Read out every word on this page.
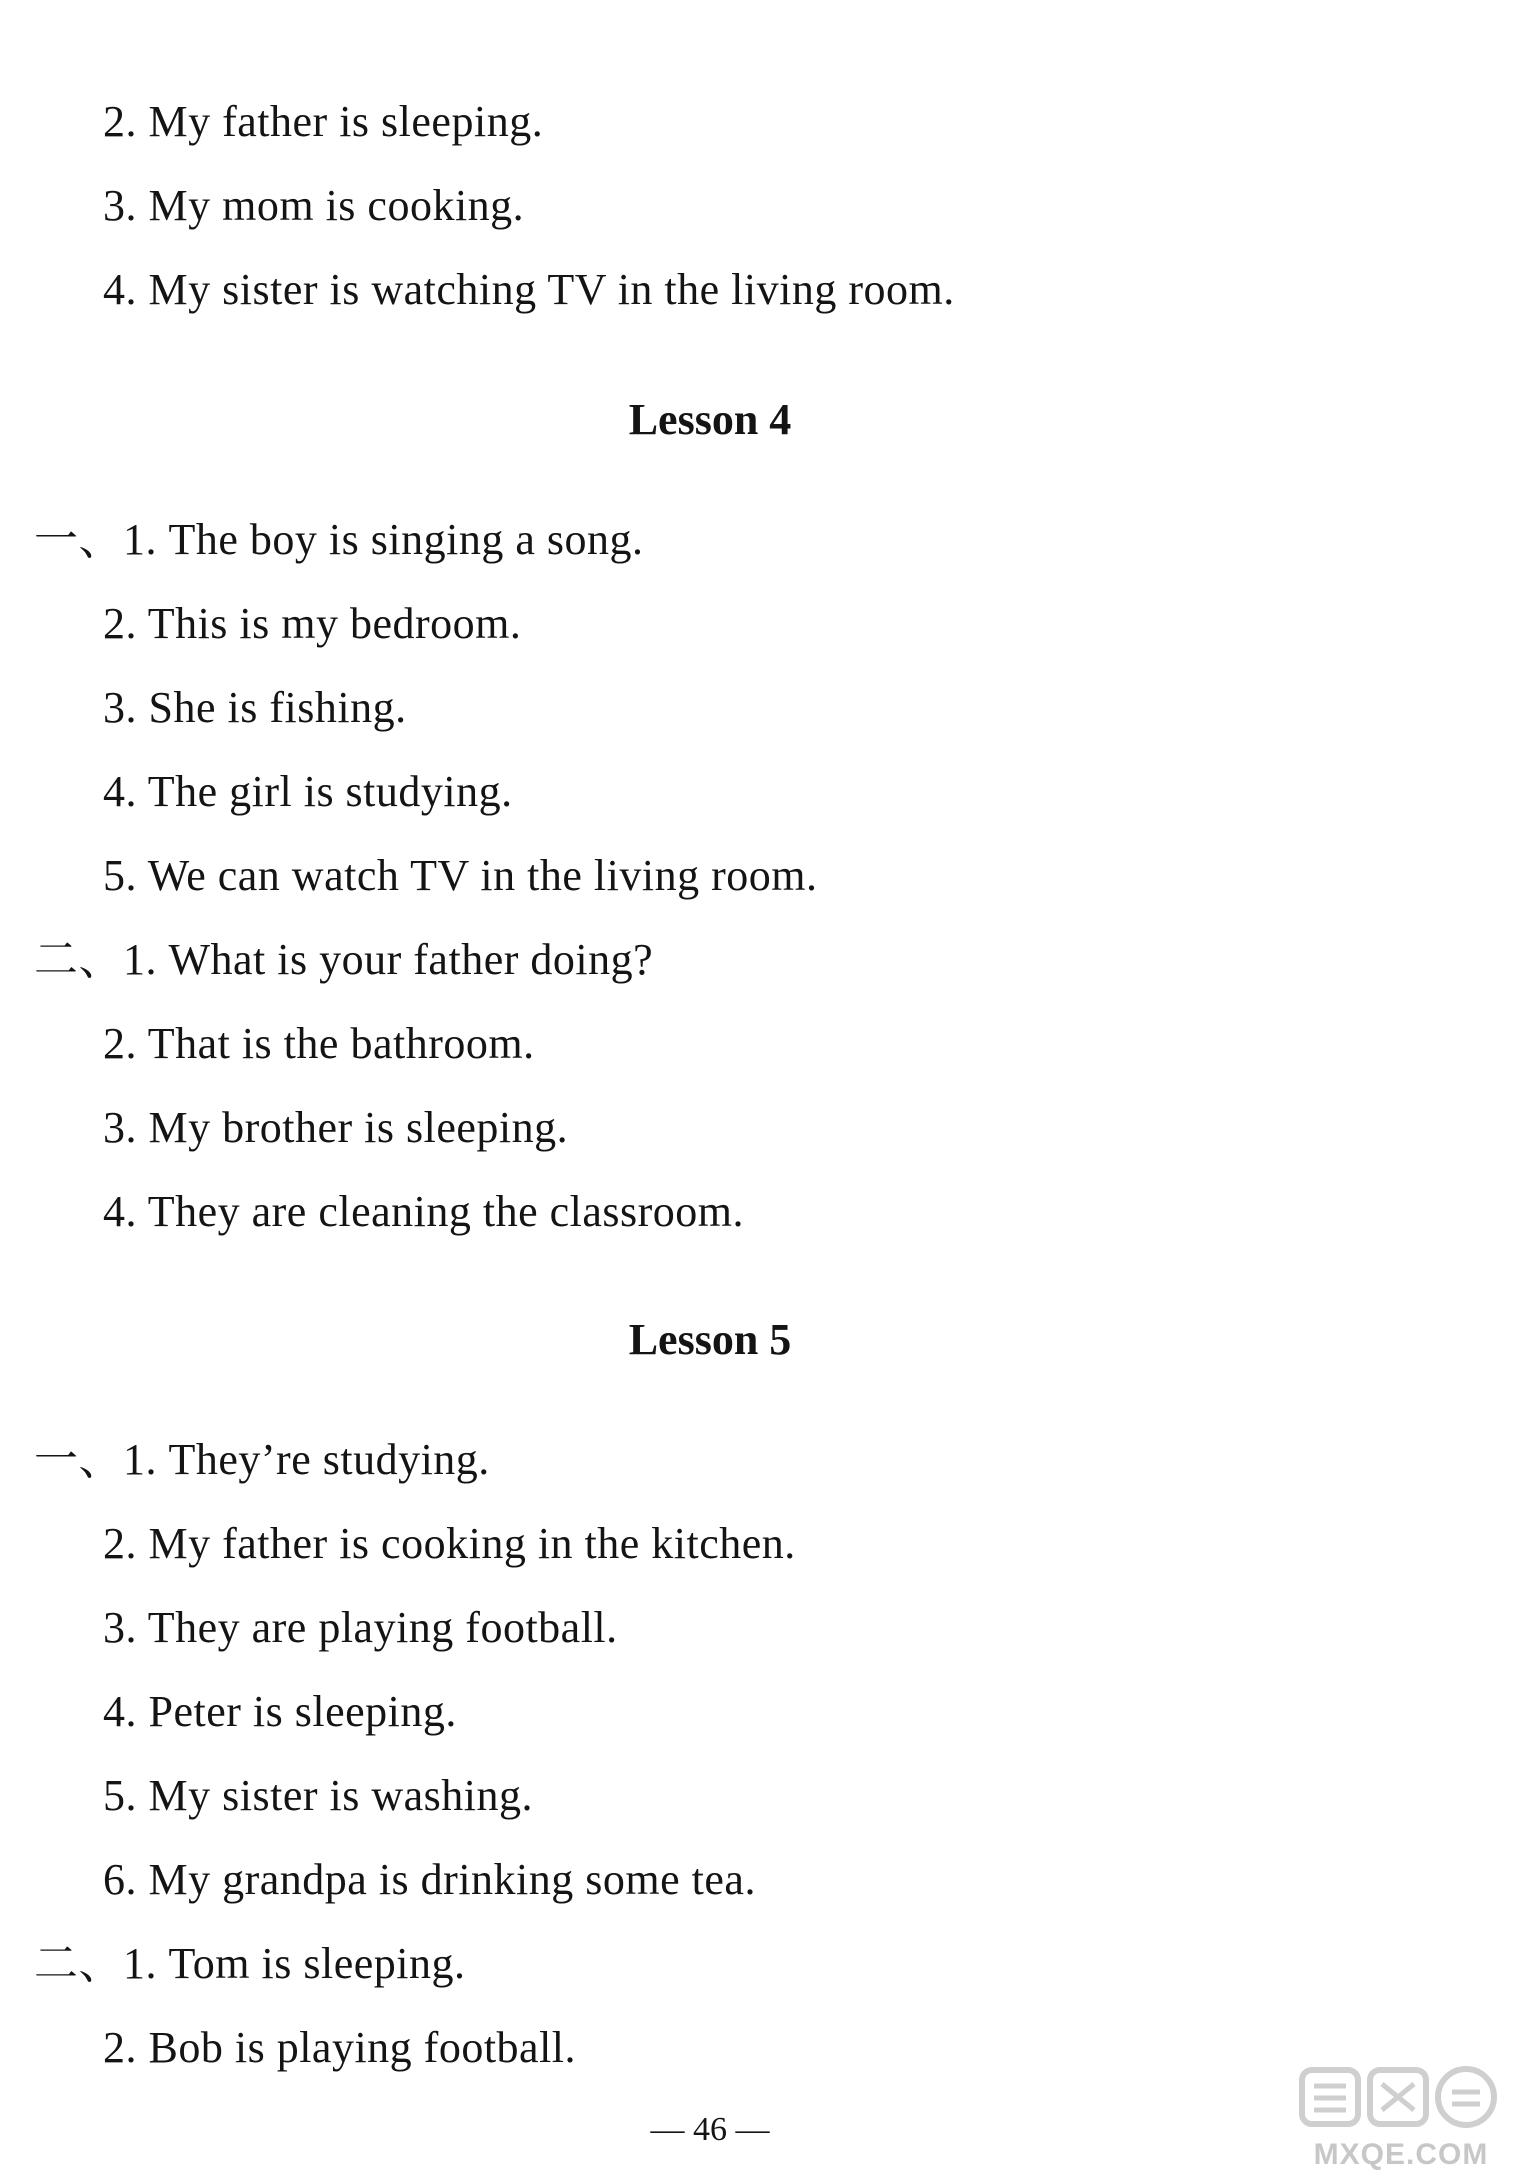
2. My father is sleeping.
3. My mom is cooking.
4. My sister is watching TV in the living room.
Lesson 4
一、1. The boy is singing a song.
2. This is my bedroom.
3. She is fishing.
4. The girl is studying.
5. We can watch TV in the living room.
二、1. What is your father doing?
2. That is the bathroom.
3. My brother is sleeping.
4. They are cleaning the classroom.
Lesson 5
一、1. They’re studying.
2. My father is cooking in the kitchen.
3. They are playing football.
4. Peter is sleeping.
5. My sister is washing.
6. My grandpa is drinking some tea.
二、1. Tom is sleeping.
2. Bob is playing football.
— 46 —
MXQE.COM
